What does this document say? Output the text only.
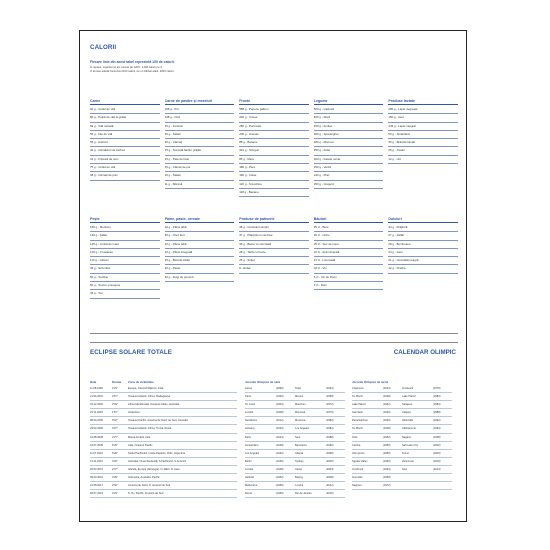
CALORII
Fiecare linie din acest tabel reprezintă 100 de calorii.
În repaus, organismul are nevoie de 1200 - 1400 calorii pe zi.
O femeie adultă consumă 2100 calorii, iar un bărbat adult, 2800 calorii.
Carne
92 g - Cotlet de vită
80 g - Pulpă de vită la grătar
82 g - Vită rotisată
56 g - File de vită
65 g - Antricot
40 g - Cârnăciori de berbec
34 g - Friptură de porc
75 g - Cotlet de vită
38 g - Cârnați de porc
Carne de pasăre și mezeluri
108 g - Pui
148 g - Ouă
50 g - Jambon
50 g - Salam
30 g - Cârnați
35 g - Sunculă fiartă / prăjită
33 g - Pate de ficat
25 g - Cârnaț de pui
20 g - Salam
11 g - Slănină
Fructe
588 g - Pepene galben
200 g - Cireșe
250 g - Portocale
200 g - Ananas
88 g - Banane
333 g - Struguri
85 g - Mere
180 g - Pere
190 g - Caise
120 g - Smochine
118 g - Banane
Legume
500 g - Lăptucă
400 g - Roșii
450 g - Andive
300 g - Sparanghel
180 g - Morcovi
250 g - Ardei
300 g - Fasole verde
250 g - Varză
240 g - Praz
250 g - Ciuperci
Produse lactate
280 g - Lapte degresat
150 g - Iaurt
145 g - Lapte integral
50 g - Smântână
30 g - Brânză Cantal
25 g - Jivalor
12 g - Unt
Pește
150 g - Merluciu
140 g - Șalău
125 g - Limbă de mare
120 g - Crustacee
110 g - Calcan
45 g - Scrumbie
50 g - Sardine
50 g - Somon presupus
45 g - Ton
Pâine, paste, cereale
90 g - Pâine albă
80 g - Orez fiert
40 g - Pâine albă
40 g - Pâine integrală
35 g - Biscuiți sărați
30 g - Paste
30 g - Fulgi de porumb
Produse de patiserie
48 g - Croissant simplu
37 g - Plăcintă cu ventrișe
35 g - Baton cu ciocolată
28 g - Tartă cu fructe
25 g - Șnițel
9 - Eclair
Băuturi
25 cl - Bere
26 cl - Cidru
25 cl - Suc de mere
22 cl - Apă minerală
21 cl - Limonadă
18 cl - Vin
6 cl - Vin de Porto
3 cl - Rom
Dulciuri
34 g - Prăjitură
27 g - Zahăr
28 g - Bomboane
24 g - Gem
21 g - Ciocolată neagră
12 g - Praline
ECLIPSE SOLARE TOTALE	CALENDAR OLIMPIC
Data	Durata	Zona de vizibilitate
11.08.1999	2'23"	Europa, Orientul Mijlociu, India
21.06.2001	4'57"	Oceanul Atlantic, Africa, Madagascar
04.12.2002	2'04"	Africa Meridională, Oceanul Indian, Australia
23.11.2003	1'57"	Antarctica
08.04.2005	0'42"	Oceanul Pacific, America de Nord, de Sud, Centrală
29.03.2006	4'07"	Oceanul Atlantic, Africa, Turcia, Rusia
01.08.2008	2'27"	Marea Arctică, Asia
22.07.2009	6'39"	Asia, Oceanul Pacific
11.07.2010	5'20"	Sudul Pacificului, Insula Paștelui, Chile, Argentina
13.11.2012	4'02"	Australia, Noua Zeelandă, S.Pacificului, S.Americii
20.03.2015	2'47"	Islanda, Europa (Norvegia), N. Mării, N. Asiei
09.03.2016	4'09"	Indonezia, Australia, Pacific
21.08.2017	2'40"	America de Nord, N. Americii de Sud
02.07.2019	4'33"	S. Oc. Pacific, America de Sud
Jocurile Olimpice de vară
Atena	(1896)	Tokio	(1964)
Paris	(1900)	Mexico	(1968)
St. Louis	(1904)	München	(1972)
Londra	(1908)	Montreal	(1976)
Stockholm	(1912)	Moscova	(1980)
Antwerp	(1920)	Los Angeles	(1984)
Paris	(1924)	Seul	(1988)
Amsterdam	(1928)	Barcelona	(1992)
Los Angeles	(1932)	Atlanta	(1996)
Berlin	(1936)	Sydney	(2000)
Londra	(1948)	Atena	(2004)
Helsinki	(1952)	Beijing	(2008)
Melbourne	(1956)	Londra	(2012)
Roma	(1960)	Rio de Janeiro	(2016)
Jocurile Olimpice de iarnă
Chamonix	(1924)	Innsbruck	(1976)
St. Moritz	(1928)	Lake Placid	(1980)
Lake Placid	(1932)	Sarajevo	(1984)
Garmisch	(1936)	Calgary	(1988)
Partenkirchen	(1936)	Albertville	(1992)
St. Moritz	(1948)	Lillehammer	(1994)
Oslo	(1952)	Nagano	(1998)
Cortina	(1956)	Salt Lake City	(2002)
d'Ampezzo	(1956)	Torino	(2006)
Squaw Valley	(1960)	Vancouver	(2010)
Innsbruck	(1964)	Soci	(2014)
Grenoble	(1968)
Sapporo	(1972)
